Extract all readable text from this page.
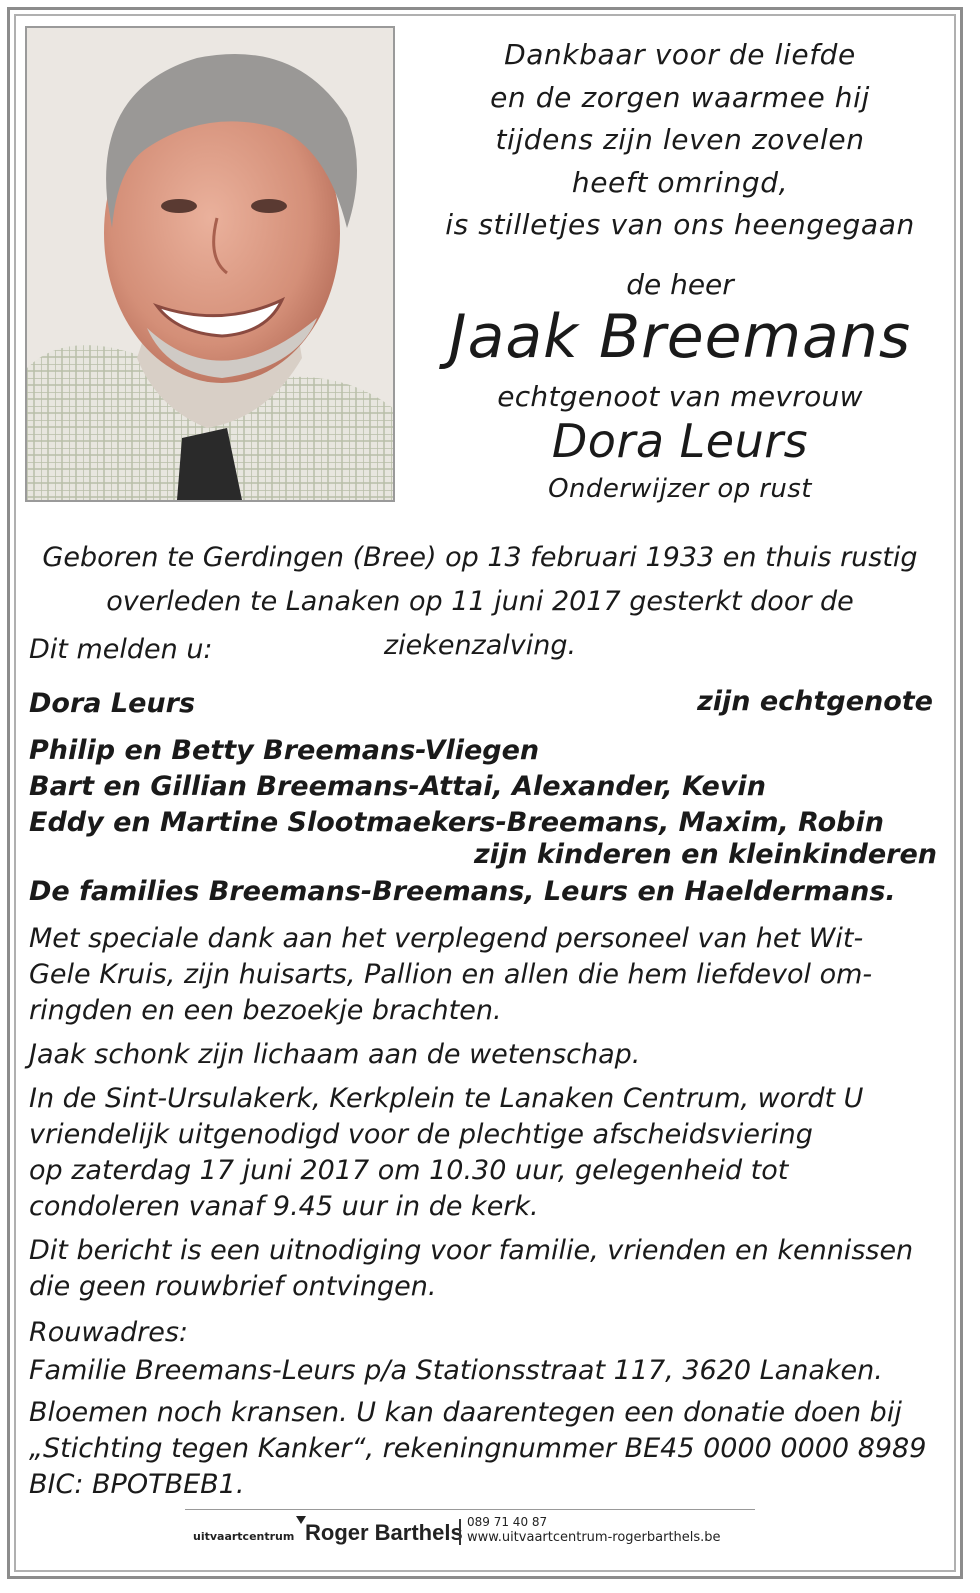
Dankbaar voor de liefde
en de zorgen waarmee hij
tijdens zijn leven zovelen
heeft omringd,
is stilletjes van ons heengegaan
de heer
Jaak Breemans
echtgenoot van mevrouw
Dora Leurs
Onderwijzer op rust
Geboren te Gerdingen (Bree) op 13 februari 1933 en thuis rustig
overleden te Lanaken op 11 juni 2017 gesterkt door de ziekenzalving.
Dit melden u:
Dora Leurs	zijn echtgenote
Philip en Betty Breemans-Vliegen
Bart en Gillian Breemans-Attai, Alexander, Kevin
Eddy en Martine Slootmaekers-Breemans, Maxim, Robin
zijn kinderen en kleinkinderen
De families Breemans-Breemans, Leurs en Haeldermans.
Met speciale dank aan het verplegend personeel van het Wit-
Gele Kruis, zijn huisarts, Pallion en allen die hem liefdevol om-
ringden en een bezoekje brachten.
Jaak schonk zijn lichaam aan de wetenschap.
In de Sint-Ursulakerk, Kerkplein te Lanaken Centrum, wordt U
vriendelijk uitgenodigd voor de plechtige afscheidsviering
op zaterdag 17 juni 2017 om 10.30 uur, gelegenheid tot
condoleren vanaf 9.45 uur in de kerk.
Dit bericht is een uitnodiging voor familie, vrienden en kennissen
die geen rouwbrief ontvingen.
Rouwadres:
Familie Breemans-Leurs p/a Stationsstraat 117, 3620 Lanaken.
Bloemen noch kransen. U kan daarentegen een donatie doen bij
„Stichting tegen Kanker“, rekeningnummer BE45 0000 0000 8989
BIC: BPOTBEB1.
uitvaartcentrum Roger Barthels 089 71 40 87
www.uitvaartcentrum-rogerbarthels.be
